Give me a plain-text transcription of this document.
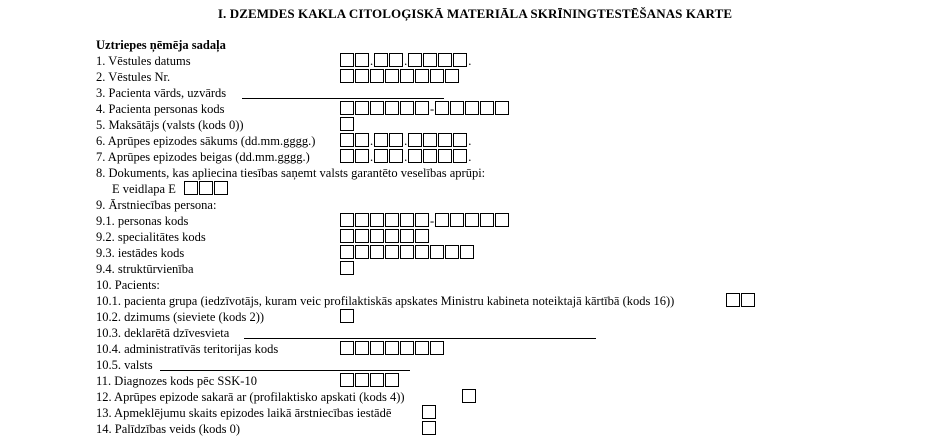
I. DZEMDES KAKLA CITOLOĢISKĀ MATERIĀLA SKRĪNINGTESTĒŠANAS KARTE
Uztriepes ņēmēja sadaļa
1. Vēstules datums	. .	.
2. Vēstules Nr.
3. Pacienta vārds, uzvārds
4. Pacienta personas kods	-
5. Maksātājs (valsts (kods 0))
6. Aprūpes epizodes sākums (dd.mm.gggg.)	. .	.
7. Aprūpes epizodes beigas (dd.mm.gggg.)	. .	.
8. Dokuments, kas apliecina tiesības saņemt valsts garantēto veselības aprūpi:
E veidlapa E
9. Ārstniecības persona:
9.1. personas kods	-
9.2. specialitātes kods
9.3. iestādes kods
9.4. struktūrvienība
10. Pacients:
10.1. pacienta grupa (iedzīvotājs, kuram veic profilaktiskās apskates Ministru kabineta noteiktajā kārtībā (kods 16))
10.2. dzimums (sieviete (kods 2))
10.3. deklarētā dzīvesvieta
10.4. administratīvās teritorijas kods
10.5. valsts
11. Diagnozes kods pēc SSK-10
12. Aprūpes epizode sakarā ar (profilaktisko apskati (kods 4))
13. Apmeklējumu skaits epizodes laikā ārstniecības iestādē
14. Palīdzības veids (kods 0)
